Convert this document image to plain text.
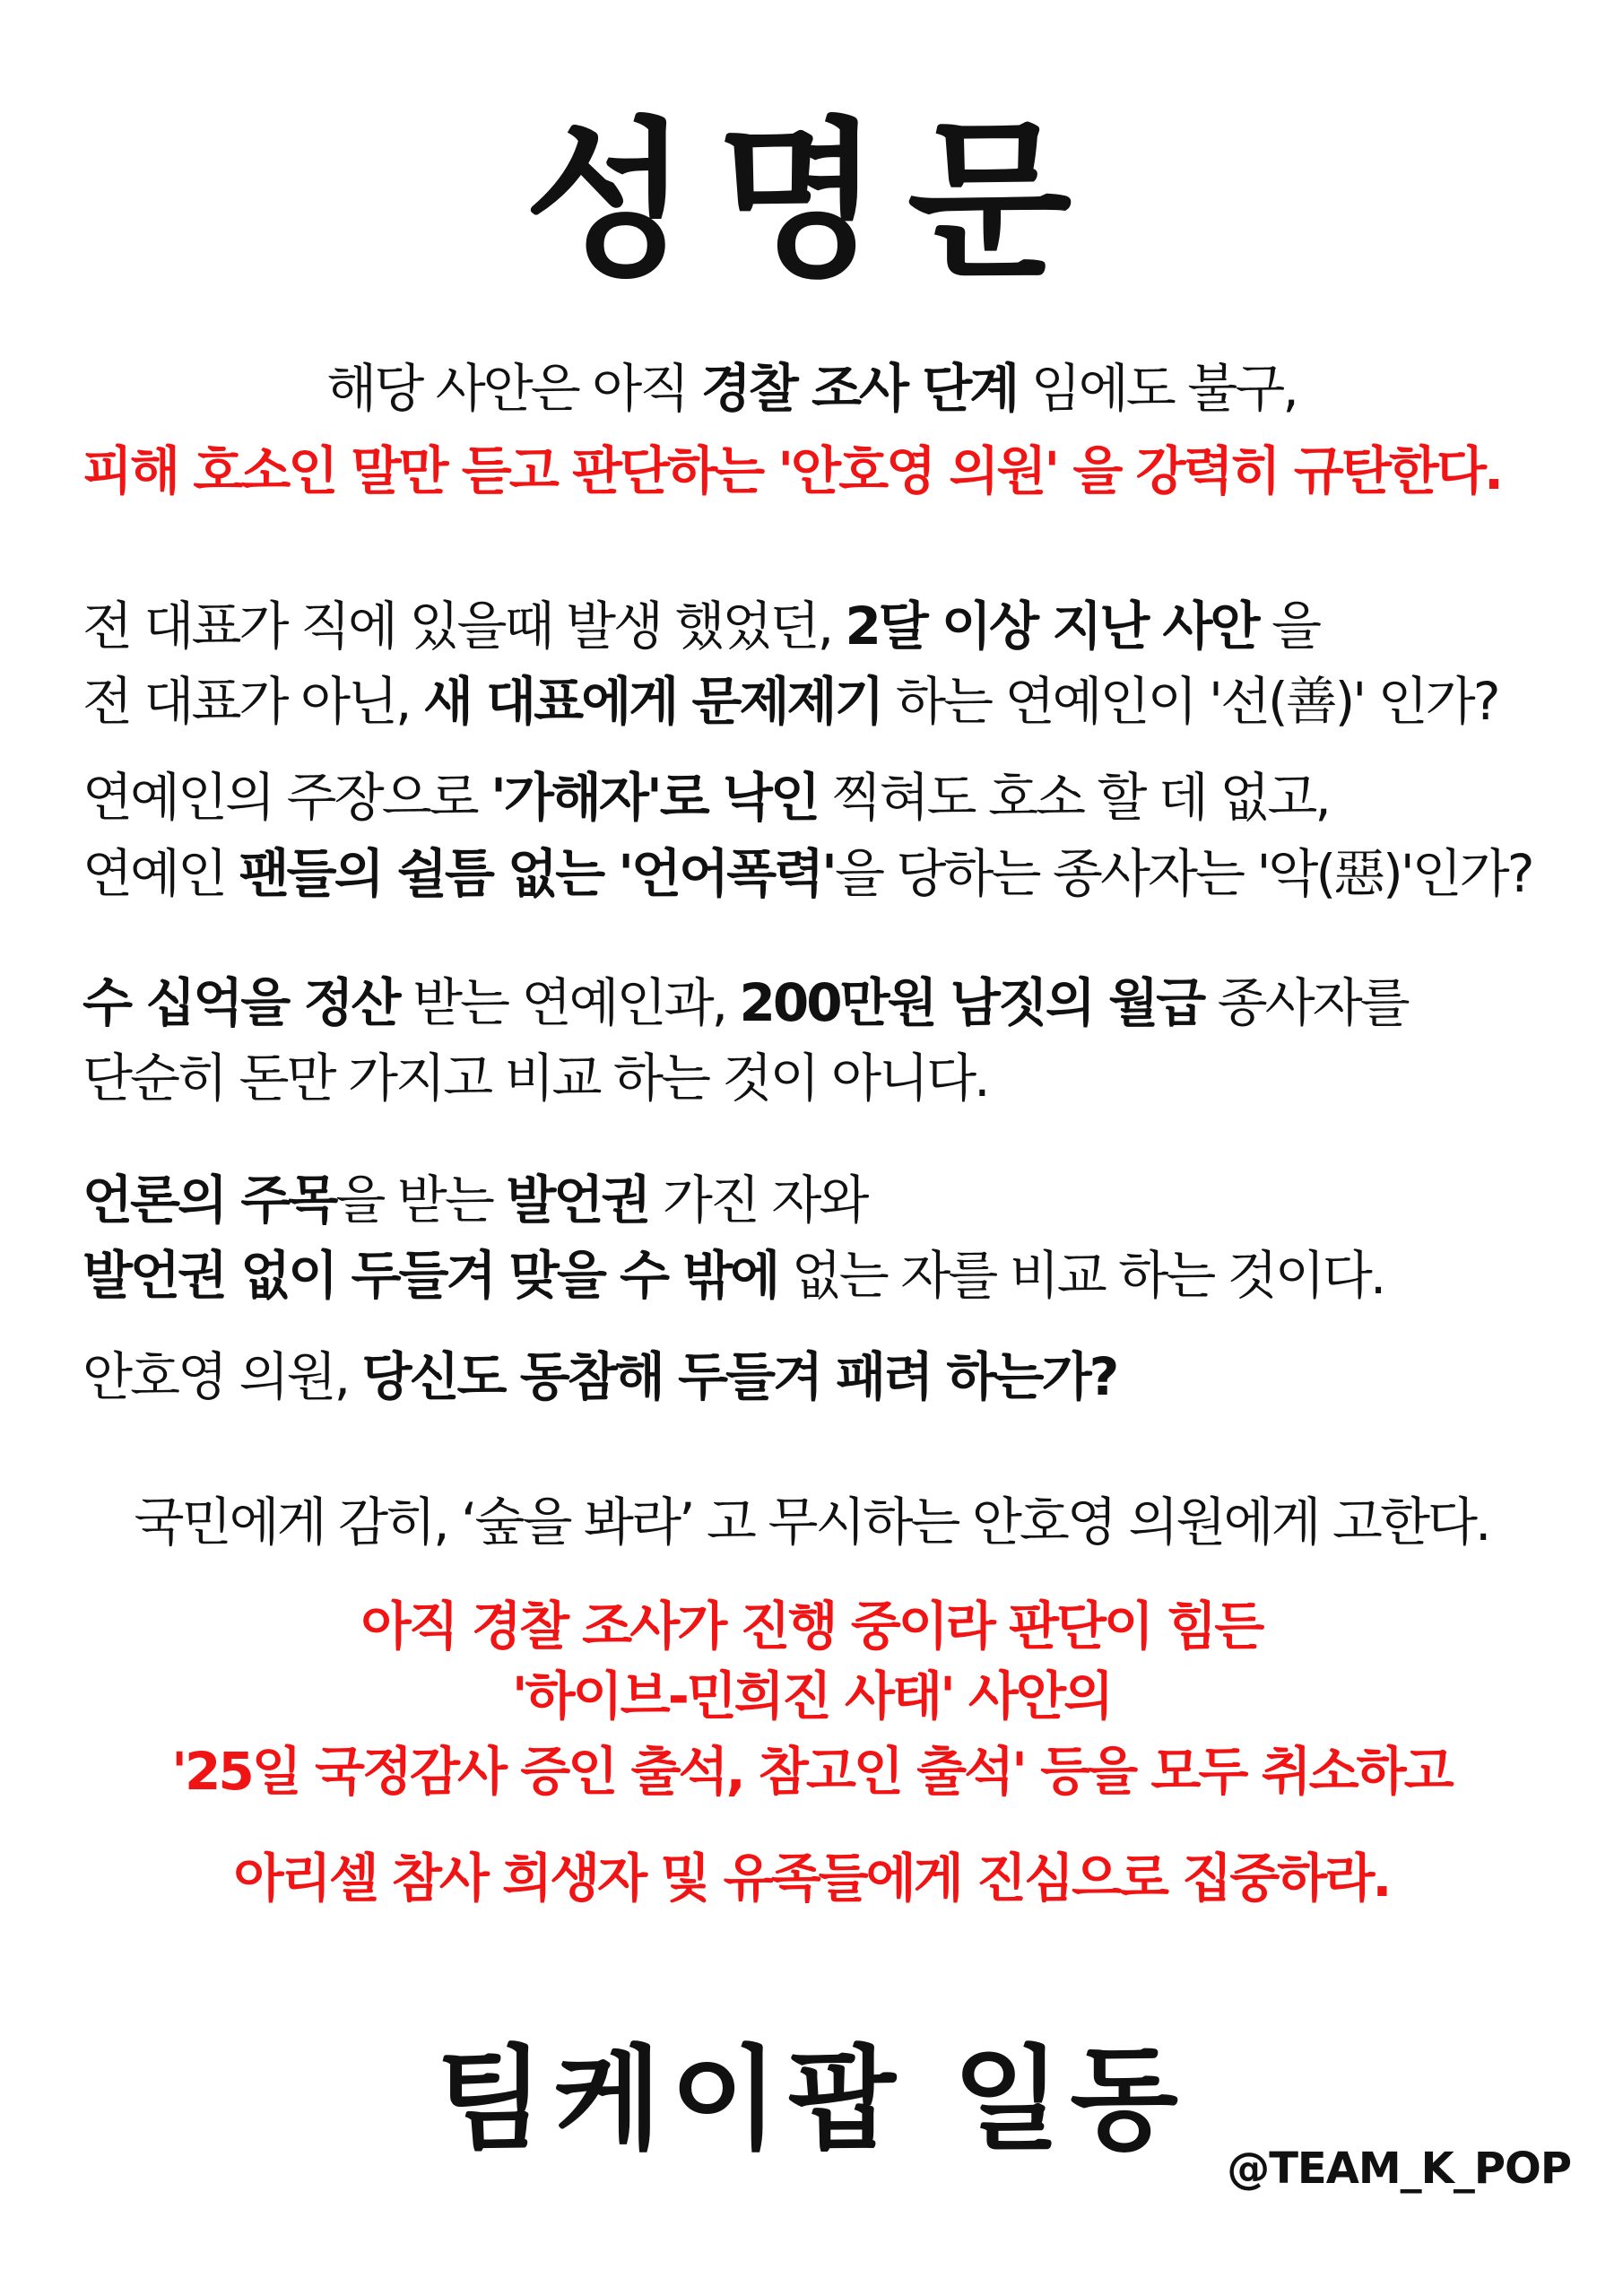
성명문
해당 사안은 아직 경찰 조사 단계 임에도 불구,
피해 호소인 말만 듣고 판단하는 '안호영 의원' 을 강력히 규탄한다.
전 대표가 직에 있을때 발생 했었던, 2달 이상 지난 사안 을
전 대표가 아닌, 새 대표에게 문제제기 하는 연예인이 '선(善)' 인가?
연예인의 주장으로 '가해자'로 낙인 찍혀도 호소 할 데 없고,
연예인 팬들의 쉴틈 없는 '언어폭력'을 당하는 종사자는 '악(惡)'인가?
수 십억을 정산 받는 연예인과, 200만원 남짓의 월급 종사자를
단순히 돈만 가지고 비교 하는 것이 아니다.
언론의 주목을 받는 발언권 가진 자와
발언권 없이 두들겨 맞을 수 밖에 없는 자를 비교 하는 것이다.
안호영 의원, 당신도 동참해 두들겨 패려 하는가?
국민에게 감히, ‘숲을 봐라’ 고 무시하는 안호영 의원에게 고한다.
아직 경찰 조사가 진행 중이라 판단이 힘든
'하이브-민희진 사태' 사안의
'25일 국정감사 증인 출석, 참고인 출석' 등을 모두 취소하고
아리셀 참사 희생자 및 유족들에게 진심으로 집중하라.
팀케이팝 일동
@TEAM_K_POP
